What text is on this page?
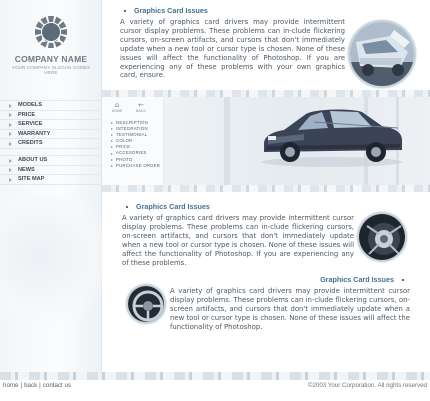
COMPANY NAME
YOUR COMPANY SLOGAN COMES HERE
MODELS
PRICE
SERVICE
WARRANTY
CREDITS
ABOUT US
NEWS
SITE MAP
Graphics Card Issues
A variety of graphics card drivers may provide intermittent cursor display problems. These problems can in-clude flickering cursors, on-screen artifacts, and cursors that don't immediately update when a new tool or cursor type is chosen. None of these issues will affect the functionality of Photoshop. If you are experiencing any of these problems with your own graphics card, ensure.
⌂
HOME
←
BACK
DESCRIPTION
INTEGRATION
TESTIMONIAL
COLOR
PRICE
ACCESORIES
PHOTO
PURCHASE ORDER
Graphics Card Issues
A variety of graphics card drivers may provide intermittent cursor display problems. These problems can in-clude flickering cursors, on-screen artifacts, and cursors that don't immediately update when a new tool or cursor type is chosen. None of these issues will affect the functionality of Photoshop. If you are experiencing any of these problems.
Graphics Card Issues
A variety of graphics card drivers may provide intermittent cursor display problems. These problems can in-clude flickering cursors, on-screen artifacts, and cursors that don't immediately update when a new tool or cursor type is chosen. None of these issues will affect the functionality of Photoshop.
home | back | contact us	©2003 Your Corporation. All rights reserved
